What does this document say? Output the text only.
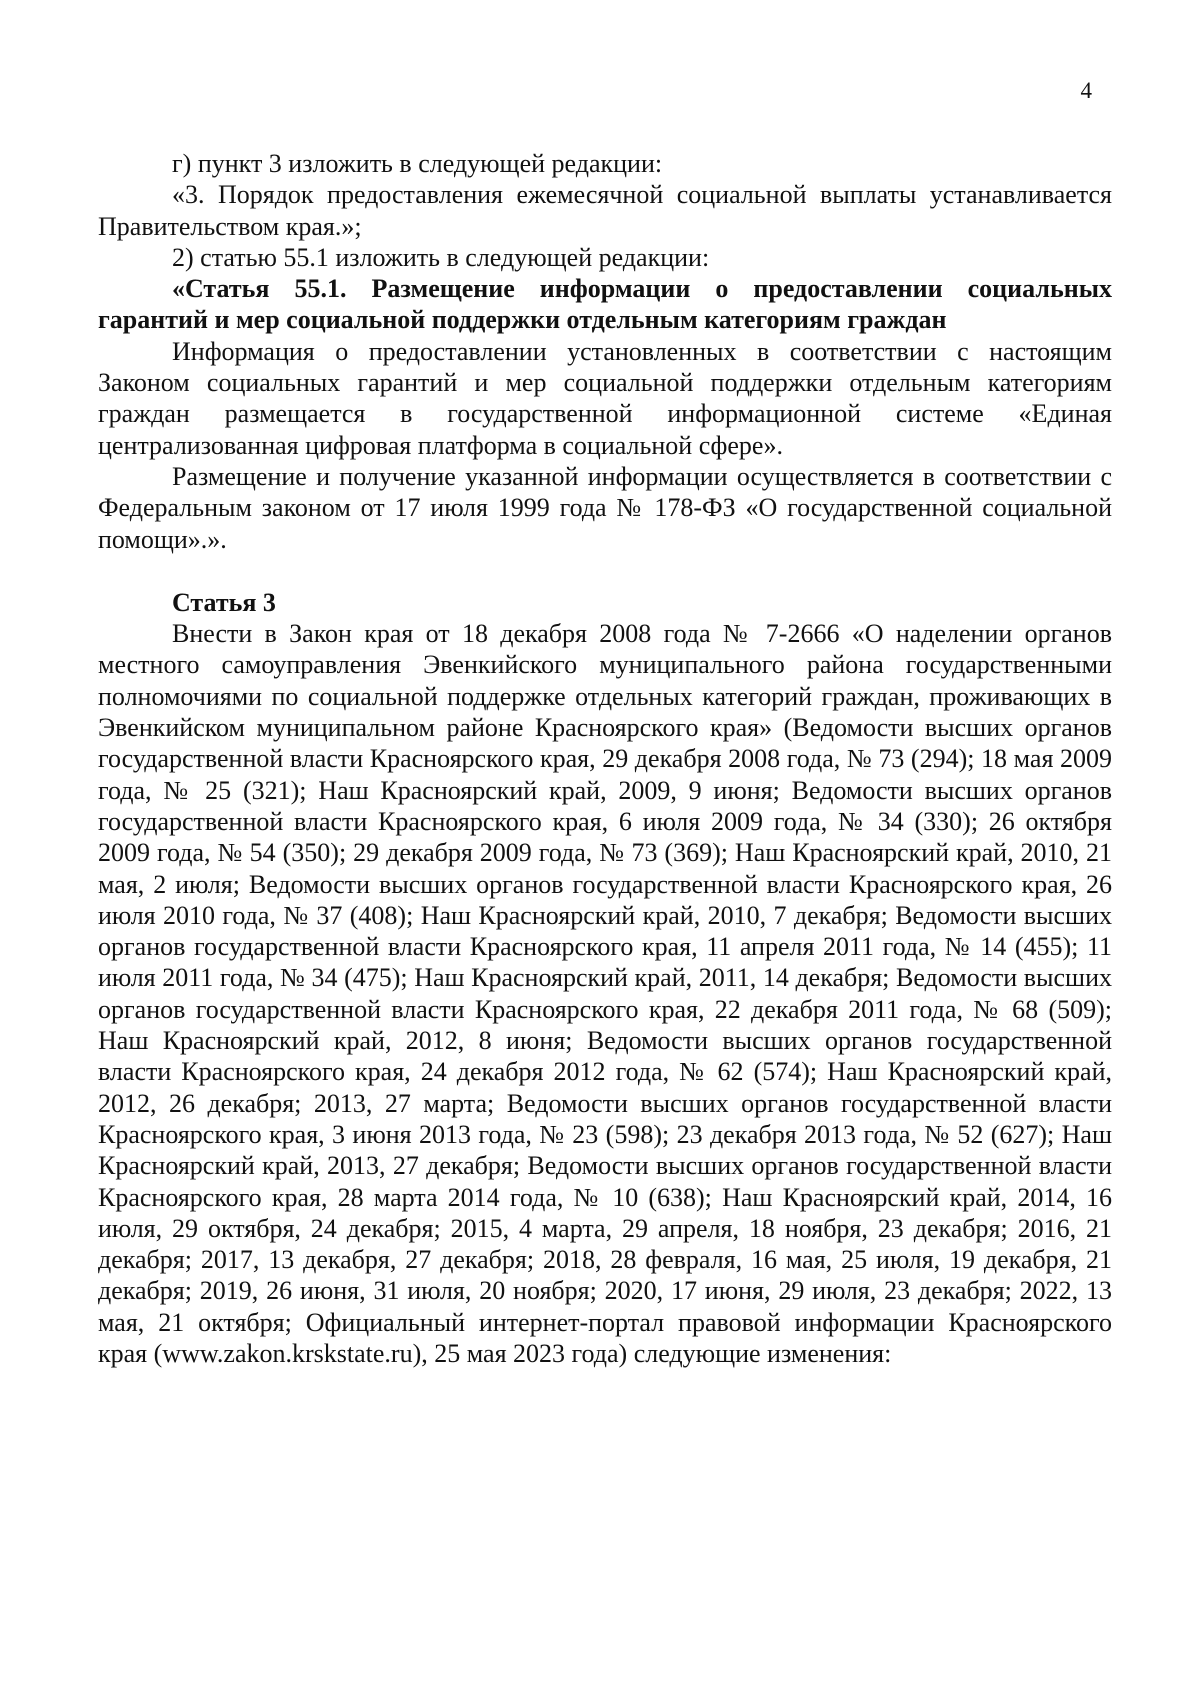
4

г) пункт 3 изложить в следующей редакции:

«3. Порядок предоставления ежемесячной социальной выплаты устанавливается Правительством края.»;

2) статью 55.1 изложить в следующей редакции:

«Статья 55.1. Размещение информации о предоставлении социальных гарантий и мер социальной поддержки отдельным категориям граждан

Информация о предоставлении установленных в соответствии с настоящим Законом социальных гарантий и мер социальной поддержки отдельным категориям граждан размещается в государственной информационной системе «Единая централизованная цифровая платформа в социальной сфере».

Размещение и получение указанной информации осуществляется в соответствии с Федеральным законом от 17 июля 1999 года № 178-ФЗ «О государственной социальной помощи».».

Статья 3

Внести в Закон края от 18 декабря 2008 года № 7-2666 «О наделении органов местного самоуправления Эвенкийского муниципального района государственными полномочиями по социальной поддержке отдельных категорий граждан, проживающих в Эвенкийском муниципальном районе Красноярского края» (Ведомости высших органов государственной власти Красноярского края, 29 декабря 2008 года, № 73 (294); 18 мая 2009 года, № 25 (321); Наш Красноярский край, 2009, 9 июня; Ведомости высших органов государственной власти Красноярского края, 6 июля 2009 года, № 34 (330); 26 октября 2009 года, № 54 (350); 29 декабря 2009 года, № 73 (369); Наш Красноярский край, 2010, 21 мая, 2 июля; Ведомости высших органов государственной власти Красноярского края, 26 июля 2010 года, № 37 (408); Наш Красноярский край, 2010, 7 декабря; Ведомости высших органов государственной власти Красноярского края, 11 апреля 2011 года, № 14 (455); 11 июля 2011 года, № 34 (475); Наш Красноярский край, 2011, 14 декабря; Ведомости высших органов государственной власти Красноярского края, 22 декабря 2011 года, № 68 (509); Наш Красноярский край, 2012, 8 июня; Ведомости высших органов государственной власти Красноярского края, 24 декабря 2012 года, № 62 (574); Наш Красноярский край, 2012, 26 декабря; 2013, 27 марта; Ведомости высших органов государственной власти Красноярского края, 3 июня 2013 года, № 23 (598); 23 декабря 2013 года, № 52 (627); Наш Красноярский край, 2013, 27 декабря; Ведомости высших органов государственной власти Красноярского края, 28 марта 2014 года, № 10 (638); Наш Красноярский край, 2014, 16 июля, 29 октября, 24 декабря; 2015, 4 марта, 29 апреля, 18 ноября, 23 декабря; 2016, 21 декабря; 2017, 13 декабря, 27 декабря; 2018, 28 февраля, 16 мая, 25 июля, 19 декабря, 21 декабря; 2019, 26 июня, 31 июля, 20 ноября; 2020, 17 июня, 29 июля, 23 декабря; 2022, 13 мая, 21 октября; Официальный интернет-портал правовой информации Красноярского края (www.zakon.krskstate.ru), 25 мая 2023 года) следующие изменения:
